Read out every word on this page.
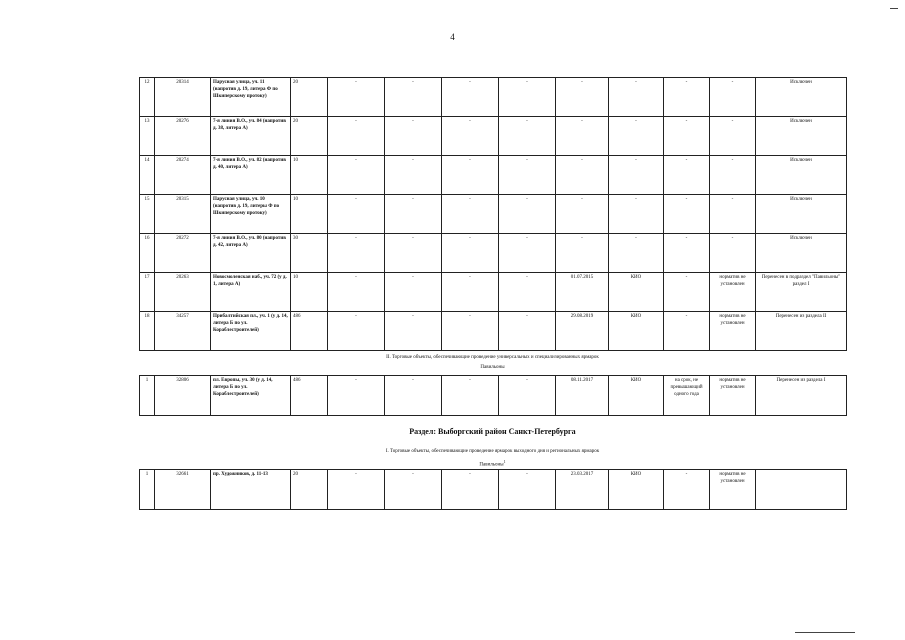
4
12	20314	Парусная улица, уч. 11 (напротив д. 19, литера Ф по Шкиперскому протоку)	20	-	-	-	-	-	-	-	-	Исключен
13	20276	7-я линия В.О., уч. 84 (напротив д. 38, литера А)	20	-	-	-	-	-	-	-	-	Исключен
14	20274	7-я линия В.О., уч. 82 (напротив д. 40, литера А)	10	-	-	-	-	-	-	-	-	Исключен
15	20315	Парусная улица, уч. 10 (напротив д. 19, литеры Ф по Шкиперскому протоку)	10	-	-	-	-	-	-	-	-	Исключен
16	20272	7-я линия В.О., уч. 80 (напротив д. 42, литера А)	30	-	-	-	-	-	-	-	-	Исключен
17	20263	Новосмоленская наб., уч. 72 (у д. 1, литера А)	10	-	-	-	-	01.07.2015	КИО	-	норматив не установлен	Перенесен в подраздел "Павильоны" раздел I
18	34257	Прибалтийская пл., уч. 1 (у д. 14, литера Б по ул. Кораблестроителей)	486	-	-	-	-	29.08.2019	КИО	-	норматив не установлен	Перенесен из раздела II
II. Торговые объекты, обеспечивающие проведение универсальных и специализированных ярмарок
Павильоны
1	32806	пл. Европы, уч. 30 (у д. 14, литера Б по ул. Кораблестроителей)	486	-	-	-	-	08.11.2017	КИО	на срок, не превышающий одного года	норматив не установлен	Перенесен из раздела I
Раздел: Выборгский район Санкт-Петербурга
I. Торговые объекты, обеспечивающие проведение ярмарок выходного дня и региональных ярмарок
Павильоны$^1$
1	32661	пр. Художников, д. 11-13	20	-	-	-	-	23.03.2017	КИО	-	норматив не установлен	
